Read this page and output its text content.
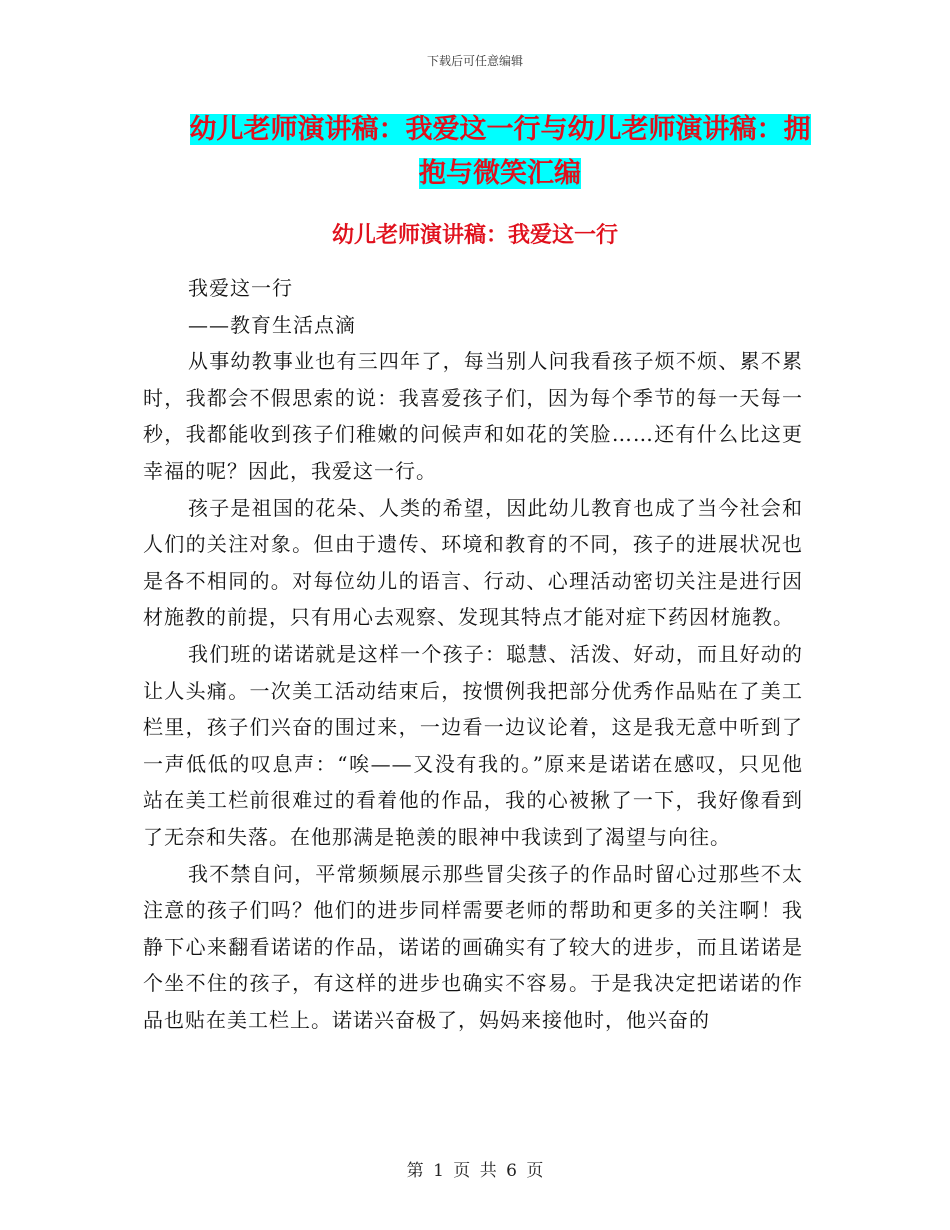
下载后可任意编辑
幼儿老师演讲稿：我爱这一行与幼儿老师演讲稿：拥抱与微笑汇编
幼儿老师演讲稿：我爱这一行

我爱这一行

——教育生活点滴

从事幼教事业也有三四年了，每当别人问我看孩子烦不烦、累不累时，我都会不假思索的说：我喜爱孩子们，因为每个季节的每一天每一秒，我都能收到孩子们稚嫩的问候声和如花的笑脸……还有什么比这更幸福的呢？因此，我爱这一行。

孩子是祖国的花朵、人类的希望，因此幼儿教育也成了当今社会和人们的关注对象。但由于遗传、环境和教育的不同，孩子的进展状况也是各不相同的。对每位幼儿的语言、行动、心理活动密切关注是进行因材施教的前提，只有用心去观察、发现其特点才能对症下药因材施教。

我们班的诺诺就是这样一个孩子：聪慧、活泼、好动，而且好动的让人头痛。一次美工活动结束后，按惯例我把部分优秀作品贴在了美工栏里，孩子们兴奋的围过来，一边看一边议论着，这是我无意中听到了一声低低的叹息声：“唉——又没有我的。”原来是诺诺在感叹，只见他站在美工栏前很难过的看着他的作品，我的心被揪了一下，我好像看到了无奈和失落。在他那满是艳羡的眼神中我读到了渴望与向往。

我不禁自问，平常频频展示那些冒尖孩子的作品时留心过那些不太注意的孩子们吗？他们的进步同样需要老师的帮助和更多的关注啊！我静下心来翻看诺诺的作品，诺诺的画确实有了较大的进步，而且诺诺是个坐不住的孩子，有这样的进步也确实不容易。于是我决定把诺诺的作品也贴在美工栏上。诺诺兴奋极了，妈妈来接他时，他兴奋的

第 1 页 共 6 页
